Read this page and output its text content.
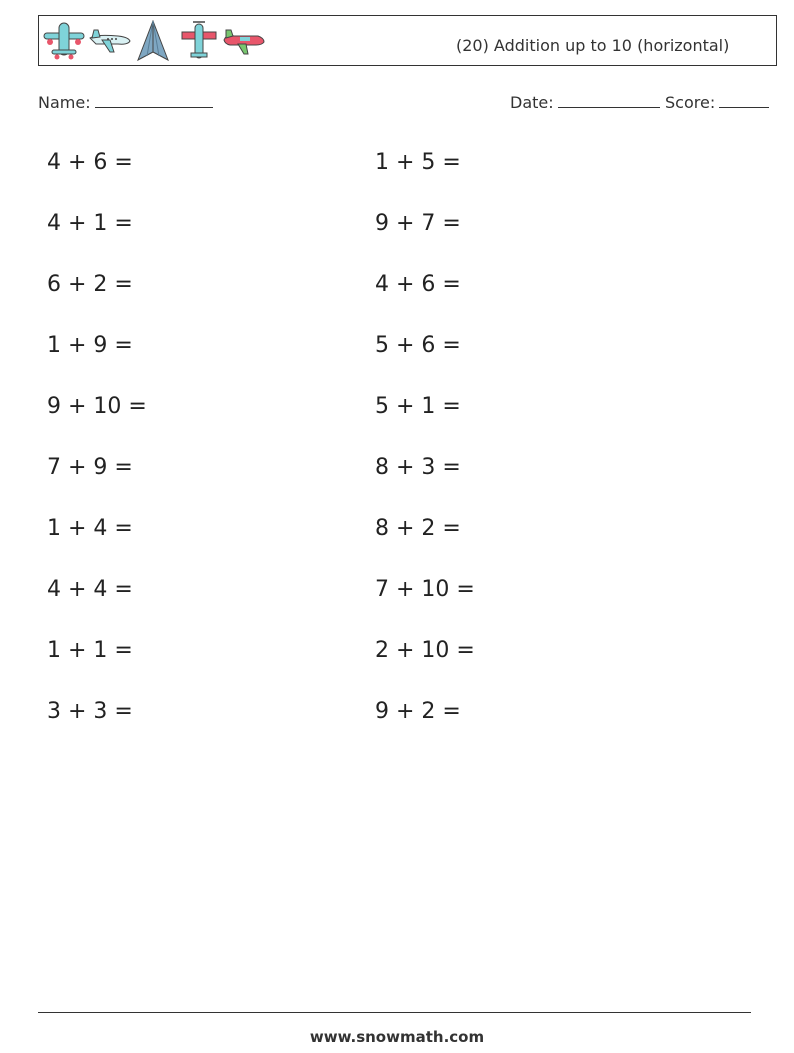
(20) Addition up to 10 (horizontal)
Name:	Date:	Score:
4 + 6 =
4 + 1 =
6 + 2 =
1 + 9 =
9 + 10 =
7 + 9 =
1 + 4 =
4 + 4 =
1 + 1 =
3 + 3 =
1 + 5 =
9 + 7 =
4 + 6 =
5 + 6 =
5 + 1 =
8 + 3 =
8 + 2 =
7 + 10 =
2 + 10 =
9 + 2 =
www.snowmath.com
